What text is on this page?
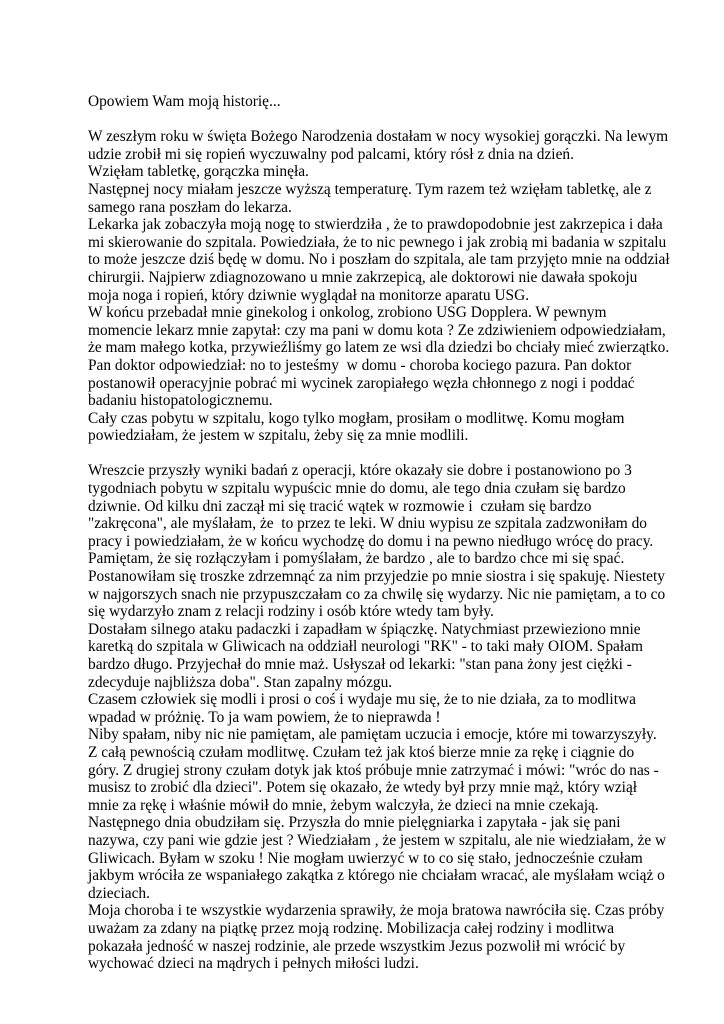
Opowiem Wam moją historię...
W zeszłym roku w święta Bożego Narodzenia dostałam w nocy wysokiej gorączki. Na lewym
udzie zrobił mi się ropień wyczuwalny pod palcami, który rósł z dnia na dzień.
Wzięłam tabletkę, gorączka minęła.
Następnej nocy miałam jeszcze wyższą temperaturę. Tym razem też wzięłam tabletkę, ale z
samego rana poszłam do lekarza.
Lekarka jak zobaczyła moją nogę to stwierdziła , że to prawdopodobnie jest zakrzepica i dała
mi skierowanie do szpitala. Powiedziała, że to nic pewnego i jak zrobią mi badania w szpitalu
to może jeszcze dziś będę w domu. No i poszłam do szpitala, ale tam przyjęto mnie na oddział
chirurgii. Najpierw zdiagnozowano u mnie zakrzepicą, ale doktorowi nie dawała spokoju
moja noga i ropień, który dziwnie wyglądał na monitorze aparatu USG.
W końcu przebadał mnie ginekolog i onkolog, zrobiono USG Dopplera. W pewnym
momencie lekarz mnie zapytał: czy ma pani w domu kota ? Ze zdziwieniem odpowiedziałam,
że mam małego kotka, przywieźliśmy go latem ze wsi dla dziedzi bo chciały mieć zwierzątko.
Pan doktor odpowiedział: no to jesteśmy  w domu - choroba kociego pazura. Pan doktor
postanowił operacyjnie pobrać mi wycinek zaropiałego węzła chłonnego z nogi i poddać
badaniu histopatologicznemu.
Cały czas pobytu w szpitalu, kogo tylko mogłam, prosiłam o modlitwę. Komu mogłam
powiedziałam, że jestem w szpitalu, żeby się za mnie modlili.
Wreszcie przyszły wyniki badań z operacji, które okazały sie dobre i postanowiono po 3
tygodniach pobytu w szpitalu wypuścic mnie do domu, ale tego dnia czułam się bardzo
dziwnie. Od kilku dni zaczął mi się tracić wątek w rozmowie i  czułam się bardzo
"zakręcona", ale myślałam, że  to przez te leki. W dniu wypisu ze szpitala zadzwoniłam do
pracy i powiedziałam, że w końcu wychodzę do domu i na pewno niedługo wrócę do pracy.
Pamiętam, że się rozłączyłam i pomyślałam, że bardzo , ale to bardzo chce mi się spać.
Postanowiłam się troszke zdrzemnąć za nim przyjedzie po mnie siostra i się spakuję. Niestety
w najgorszych snach nie przypuszczałam co za chwilę się wydarzy. Nic nie pamiętam, a to co
się wydarzyło znam z relacji rodziny i osób które wtedy tam były.
Dostałam silnego ataku padaczki i zapadłam w śpiączkę. Natychmiast przewieziono mnie
karetką do szpitala w Gliwicach na oddziałl neurologi "RK" - to taki mały OIOM. Spałam
bardzo długo. Przyjechał do mnie maż. Usłyszał od lekarki: "stan pana żony jest ciężki -
zdecyduje najbliższa doba". Stan zapalny mózgu.
Czasem człowiek się modli i prosi o coś i wydaje mu się, że to nie działa, za to modlitwa
wpadad w próżnię. To ja wam powiem, że to nieprawda !
Niby spałam, niby nic nie pamiętam, ale pamiętam uczucia i emocje, które mi towarzyszyły.
Z całą pewnością czułam modlitwę. Czułam też jak ktoś bierze mnie za rękę i ciągnie do
góry. Z drugiej strony czułam dotyk jak ktoś próbuje mnie zatrzymać i mówi: "wróc do nas -
musisz to zrobić dla dzieci". Potem się okazało, że wtedy był przy mnie mąż, który wziął
mnie za rękę i właśnie mówił do mnie, żebym walczyła, że dzieci na mnie czekają.
Następnego dnia obudziłam się. Przyszła do mnie pielęgniarka i zapytała - jak się pani
nazywa, czy pani wie gdzie jest ? Wiedziałam , że jestem w szpitalu, ale nie wiedziałam, że w
Gliwicach. Byłam w szoku ! Nie mogłam uwierzyć w to co się stało, jednocześnie czułam
jakbym wróciła ze wspaniałego zakątka z którego nie chciałam wracać, ale myślałam wciąż o
dzieciach.
Moja choroba i te wszystkie wydarzenia sprawiły, że moja bratowa nawróciła się. Czas próby
uważam za zdany na piątkę przez moją rodzinę. Mobilizacja całej rodziny i modlitwa
pokazała jedność w naszej rodzinie, ale przede wszystkim Jezus pozwolił mi wrócić by
wychować dzieci na mądrych i pełnych miłości ludzi.
